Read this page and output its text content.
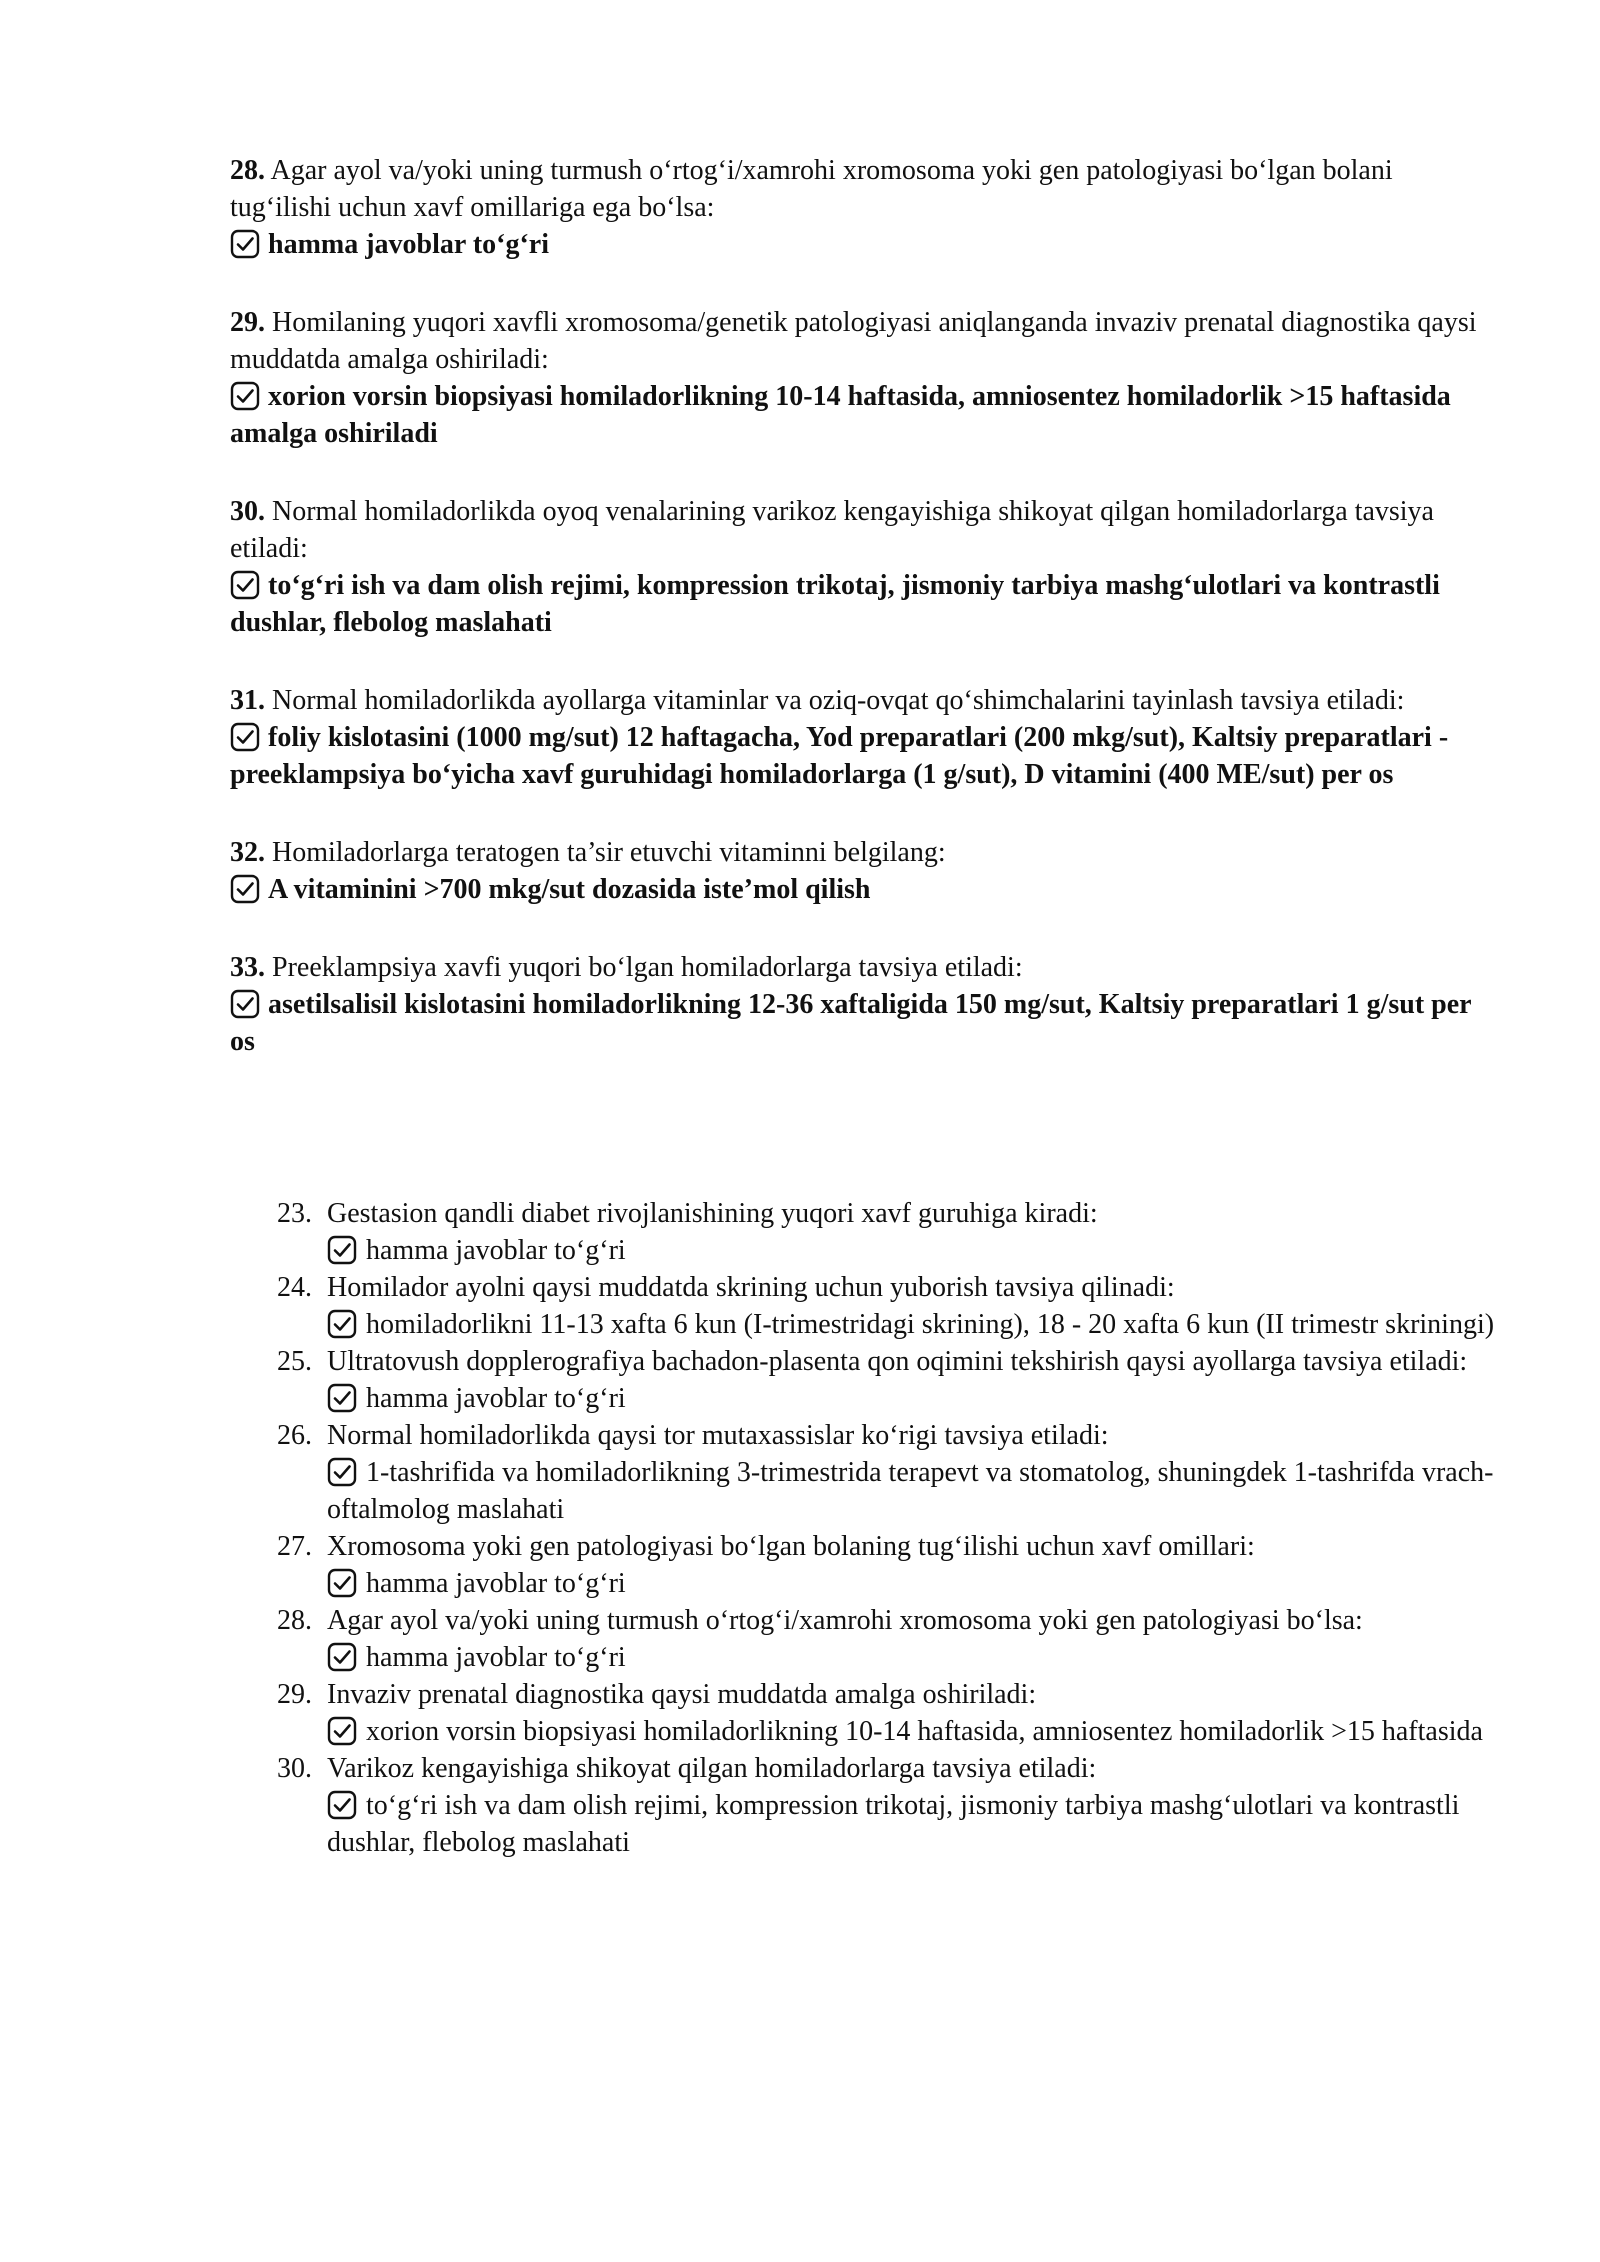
28. Agar ayol va/yoki uning turmush o‘rtog‘i/xamrohi xromosoma yoki gen patologiyasi bo‘lgan bolani tug‘ilishi uchun xavf omillariga ega bo‘lsa:

hamma javoblar to‘g‘ri

29. Homilaning yuqori xavfli xromosoma/genetik patologiyasi aniqlanganda invaziv prenatal diagnostika qaysi muddatda amalga oshiriladi:

xorion vorsin biopsiyasi homiladorlikning 10-14 haftasida, amniosentez homiladorlik >15 haftasida amalga oshiriladi

30. Normal homiladorlikda oyoq venalarining varikoz kengayishiga shikoyat qilgan homiladorlarga tavsiya etiladi:

to‘g‘ri ish va dam olish rejimi, kompression trikotaj, jismoniy tarbiya mashg‘ulotlari va kontrastli dushlar, flebolog maslahati

31. Normal homiladorlikda ayollarga vitaminlar va oziq-ovqat qo‘shimchalarini tayinlash tavsiya etiladi:

foliy kislotasini (1000 mg/sut) 12 haftagacha, Yod preparatlari (200 mkg/sut), Kaltsiy preparatlari - preeklampsiya bo‘yicha xavf guruhidagi homiladorlarga (1 g/sut), D vitamini (400 ME/sut) per os

32. Homiladorlarga teratogen ta’sir etuvchi vitaminni belgilang:

A vitaminini >700 mkg/sut dozasida iste’mol qilish

33. Preeklampsiya xavfi yuqori bo‘lgan homiladorlarga tavsiya etiladi:

asetilsalisil kislotasini homiladorlikning 12-36 xaftaligida 150 mg/sut, Kaltsiy preparatlari 1 g/sut per os

23. Gestasion qandli diabet rivojlanishining yuqori xavf guruhiga kiradi:

hamma javoblar to‘g‘ri

24. Homilador ayolni qaysi muddatda skrining uchun yuborish tavsiya qilinadi:

homiladorlikni 11-13 xafta 6 kun (I-trimestridagi skrining), 18 - 20 xafta 6 kun (II trimestr skriningi)

25. Ultratovush dopplerografiya bachadon-plasenta qon oqimini tekshirish qaysi ayollarga tavsiya etiladi:

hamma javoblar to‘g‘ri

26. Normal homiladorlikda qaysi tor mutaxassislar ko‘rigi tavsiya etiladi:

1-tashrifida va homiladorlikning 3-trimestrida terapevt va stomatolog, shuningdek 1-tashrifda vrach-oftalmolog maslahati

27. Xromosoma yoki gen patologiyasi bo‘lgan bolaning tug‘ilishi uchun xavf omillari:

hamma javoblar to‘g‘ri

28. Agar ayol va/yoki uning turmush o‘rtog‘i/xamrohi xromosoma yoki gen patologiyasi bo‘lsa:

hamma javoblar to‘g‘ri

29. Invaziv prenatal diagnostika qaysi muddatda amalga oshiriladi:

xorion vorsin biopsiyasi homiladorlikning 10-14 haftasida, amniosentez homiladorlik >15 haftasida

30. Varikoz kengayishiga shikoyat qilgan homiladorlarga tavsiya etiladi:

to‘g‘ri ish va dam olish rejimi, kompression trikotaj, jismoniy tarbiya mashg‘ulotlari va kontrastli dushlar, flebolog maslahati
